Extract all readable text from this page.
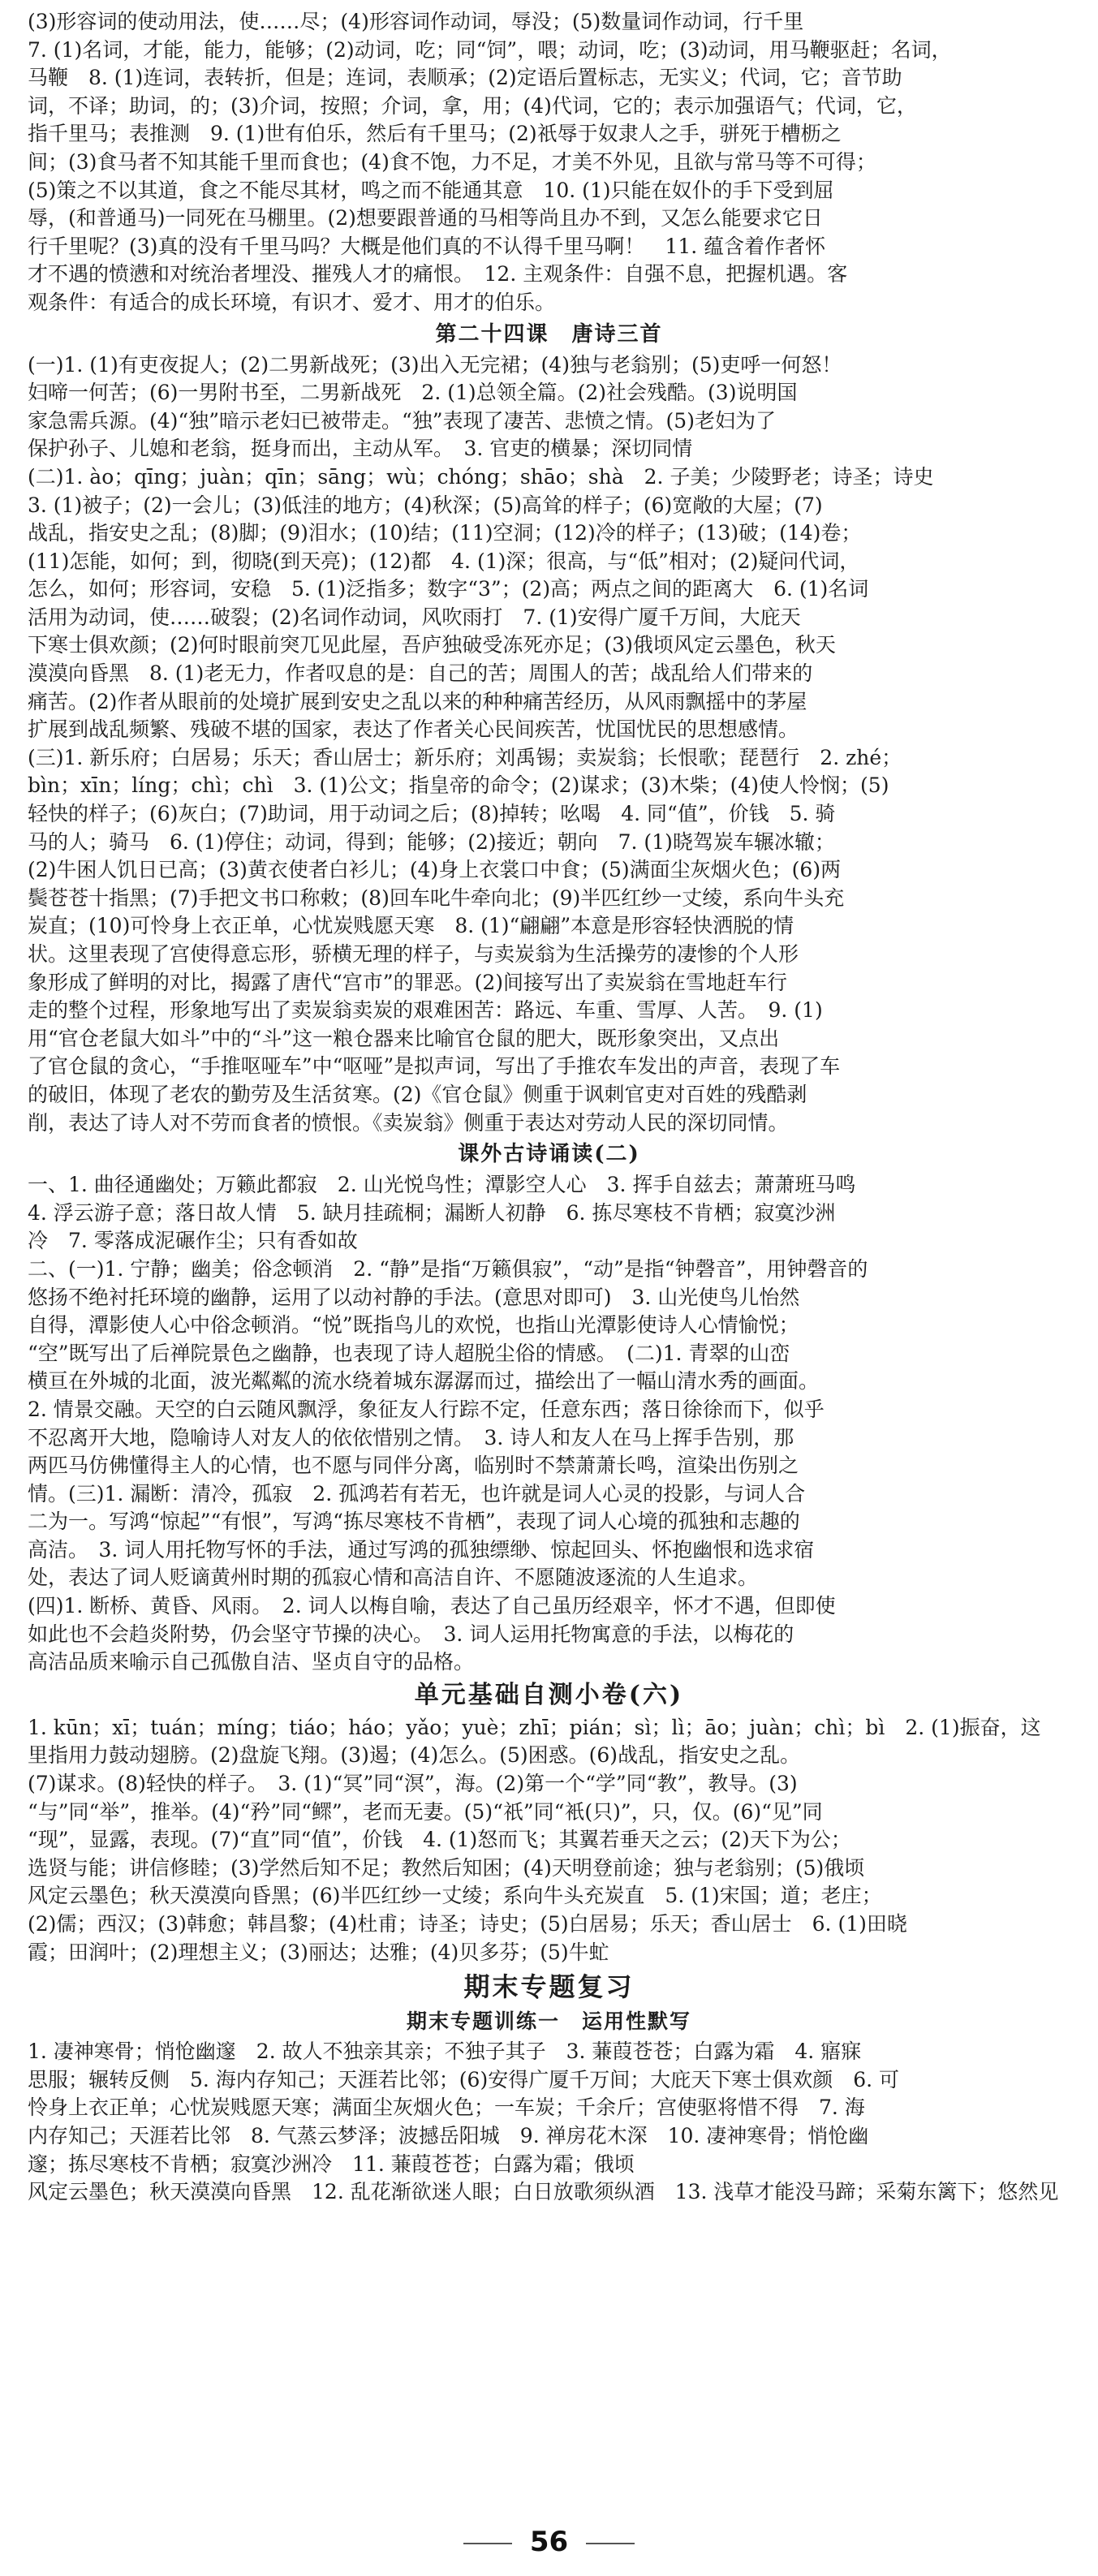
(3)形容词的使动用法，使……尽；(4)形容词作动词，辱没；(5)数量词作动词，行千里
7. (1)名词，才能，能力，能够；(2)动词，吃；同“饲”，喂；动词，吃；(3)动词，用马鞭驱赶；名词，
马鞭　8. (1)连词，表转折，但是；连词，表顺承；(2)定语后置标志，无实义；代词，它；音节助
词，不译；助词，的；(3)介词，按照；介词，拿，用；(4)代词，它的；表示加强语气；代词，它，
指千里马；表推测　9. (1)世有伯乐，然后有千里马；(2)祇辱于奴隶人之手，骈死于槽枥之
间；(3)食马者不知其能千里而食也；(4)食不饱，力不足，才美不外见，且欲与常马等不可得；
(5)策之不以其道，食之不能尽其材，鸣之而不能通其意　10. (1)只能在奴仆的手下受到屈
辱，(和普通马)一同死在马棚里。(2)想要跟普通的马相等尚且办不到，又怎么能要求它日
行千里呢？(3)真的没有千里马吗？大概是他们真的不认得千里马啊！　11. 蕴含着作者怀
才不遇的愤懑和对统治者埋没、摧残人才的痛恨。　12. 主观条件：自强不息，把握机遇。客
观条件：有适合的成长环境，有识才、爱才、用才的伯乐。
第二十四课　唐诗三首
(一)1. (1)有吏夜捉人；(2)二男新战死；(3)出入无完裙；(4)独与老翁别；(5)吏呼一何怒！
妇啼一何苦；(6)一男附书至，二男新战死　2. (1)总领全篇。(2)社会残酷。(3)说明国
家急需兵源。(4)“独”暗示老妇已被带走。“独”表现了凄苦、悲愤之情。(5)老妇为了
保护孙子、儿媳和老翁，挺身而出，主动从军。　3. 官吏的横暴；深切同情
(二)1. ào；qīng；juàn；qīn；sāng；wù；chóng；shāo；shà　2. 子美；少陵野老；诗圣；诗史
3. (1)被子；(2)一会儿；(3)低洼的地方；(4)秋深；(5)高耸的样子；(6)宽敞的大屋；(7)
战乱，指安史之乱；(8)脚；(9)泪水；(10)结；(11)空洞；(12)冷的样子；(13)破；(14)卷；
(11)怎能，如何；到，彻晓(到天亮)；(12)都　4. (1)深；很高，与“低”相对；(2)疑问代词，
怎么，如何；形容词，安稳　5. (1)泛指多；数字“3”；(2)高；两点之间的距离大　6. (1)名词
活用为动词，使……破裂；(2)名词作动词，风吹雨打　7. (1)安得广厦千万间，大庇天
下寒士俱欢颜；(2)何时眼前突兀见此屋，吾庐独破受冻死亦足；(3)俄顷风定云墨色，秋天
漠漠向昏黑　8. (1)老无力，作者叹息的是：自己的苦；周围人的苦；战乱给人们带来的
痛苦。(2)作者从眼前的处境扩展到安史之乱以来的种种痛苦经历，从风雨飘摇中的茅屋
扩展到战乱频繁、残破不堪的国家，表达了作者关心民间疾苦，忧国忧民的思想感情。
(三)1. 新乐府；白居易；乐天；香山居士；新乐府；刘禹锡；卖炭翁；长恨歌；琵琶行　2. zhé；
bìn；xīn；líng；chì；chì　3. (1)公文；指皇帝的命令；(2)谋求；(3)木柴；(4)使人怜悯；(5)
轻快的样子；(6)灰白；(7)助词，用于动词之后；(8)掉转；吆喝　4. 同“值”，价钱　5. 骑
马的人；骑马　6. (1)停住；动词，得到；能够；(2)接近；朝向　7. (1)晓驾炭车辗冰辙；
(2)牛困人饥日已高；(3)黄衣使者白衫儿；(4)身上衣裳口中食；(5)满面尘灰烟火色；(6)两
鬓苍苍十指黑；(7)手把文书口称敕；(8)回车叱牛牵向北；(9)半匹红纱一丈绫，系向牛头充
炭直；(10)可怜身上衣正单，心忧炭贱愿天寒　8. (1)“翩翩”本意是形容轻快洒脱的情
状。这里表现了宫使得意忘形，骄横无理的样子，与卖炭翁为生活操劳的凄惨的个人形
象形成了鲜明的对比，揭露了唐代“宫市”的罪恶。(2)间接写出了卖炭翁在雪地赶车行
走的整个过程，形象地写出了卖炭翁卖炭的艰难困苦：路远、车重、雪厚、人苦。　9. (1)
用“官仓老鼠大如斗”中的“斗”这一粮仓器来比喻官仓鼠的肥大，既形象突出，又点出
了官仓鼠的贪心，“手推呕哑车”中“呕哑”是拟声词，写出了手推农车发出的声音，表现了车
的破旧，体现了老农的勤劳及生活贫寒。(2)《官仓鼠》侧重于讽刺官吏对百姓的残酷剥
削，表达了诗人对不劳而食者的愤恨。《卖炭翁》侧重于表达对劳动人民的深切同情。
课外古诗诵读(二)
一、1. 曲径通幽处；万籁此都寂　2. 山光悦鸟性；潭影空人心　3. 挥手自兹去；萧萧班马鸣
4. 浮云游子意；落日故人情　5. 缺月挂疏桐；漏断人初静　6. 拣尽寒枝不肯栖；寂寞沙洲
冷　7. 零落成泥碾作尘；只有香如故
二、(一)1. 宁静；幽美；俗念顿消　2. “静”是指“万籁俱寂”，“动”是指“钟磬音”，用钟磬音的
悠扬不绝衬托环境的幽静，运用了以动衬静的手法。(意思对即可)　3. 山光使鸟儿怡然
自得，潭影使人心中俗念顿消。“悦”既指鸟儿的欢悦，也指山光潭影使诗人心情愉悦；
“空”既写出了后禅院景色之幽静，也表现了诗人超脱尘俗的情感。　(二)1. 青翠的山峦
横亘在外城的北面，波光粼粼的流水绕着城东潺潺而过，描绘出了一幅山清水秀的画面。
2. 情景交融。天空的白云随风飘浮，象征友人行踪不定，任意东西；落日徐徐而下，似乎
不忍离开大地，隐喻诗人对友人的依依惜别之情。　3. 诗人和友人在马上挥手告别，那
两匹马仿佛懂得主人的心情，也不愿与同伴分离，临别时不禁萧萧长鸣，渲染出伤别之
情。(三)1. 漏断：清冷，孤寂　2. 孤鸿若有若无，也许就是词人心灵的投影，与词人合
二为一。写鸿“惊起”“有恨”，写鸿“拣尽寒枝不肯栖”，表现了词人心境的孤独和志趣的
高洁。　3. 词人用托物写怀的手法，通过写鸿的孤独缥缈、惊起回头、怀抱幽恨和选求宿
处，表达了词人贬谪黄州时期的孤寂心情和高洁自许、不愿随波逐流的人生追求。
(四)1. 断桥、黄昏、风雨。　2. 词人以梅自喻，表达了自己虽历经艰辛，怀才不遇，但即使
如此也不会趋炎附势，仍会坚守节操的决心。　3. 词人运用托物寓意的手法，以梅花的
高洁品质来喻示自己孤傲自洁、坚贞自守的品格。
单元基础自测小卷(六)
1. kūn；xī；tuán；míng；tiáo；háo；yǎo；yuè；zhī；pián；sì；lì；āo；juàn；chì；bì　2. (1)振奋，这
里指用力鼓动翅膀。(2)盘旋飞翔。(3)遏；(4)怎么。(5)困惑。(6)战乱，指安史之乱。
(7)谋求。(8)轻快的样子。　3. (1)“冥”同“溟”，海。(2)第一个“学”同“教”，教导。(3)
“与”同“举”，推举。(4)“矜”同“鳏”，老而无妻。(5)“祇”同“衹(只)”，只，仅。(6)“见”同
“现”，显露，表现。(7)“直”同“值”，价钱　4. (1)怒而飞；其翼若垂天之云；(2)天下为公；
选贤与能；讲信修睦；(3)学然后知不足；教然后知困；(4)天明登前途；独与老翁别；(5)俄顷
风定云墨色；秋天漠漠向昏黑；(6)半匹红纱一丈绫；系向牛头充炭直　5. (1)宋国；道；老庄；
(2)儒；西汉；(3)韩愈；韩昌黎；(4)杜甫；诗圣；诗史；(5)白居易；乐天；香山居士　6. (1)田晓
霞；田润叶；(2)理想主义；(3)丽达；达雅；(4)贝多芬；(5)牛虻
期末专题复习
期末专题训练一　运用性默写
1. 凄神寒骨；悄怆幽邃　2. 故人不独亲其亲；不独子其子　3. 蒹葭苍苍；白露为霜　4. 寤寐
思服；辗转反侧　5. 海内存知己；天涯若比邻；(6)安得广厦千万间；大庇天下寒士俱欢颜　6. 可
怜身上衣正单；心忧炭贱愿天寒；满面尘灰烟火色；一车炭；千余斤；宫使驱将惜不得　7. 海
内存知己；天涯若比邻　8. 气蒸云梦泽；波撼岳阳城　9. 禅房花木深　10. 凄神寒骨；悄怆幽
邃；拣尽寒枝不肯栖；寂寞沙洲冷　11. 蒹葭苍苍；白露为霜；俄顷
风定云墨色；秋天漠漠向昏黑　12. 乱花渐欲迷人眼；白日放歌须纵酒　13. 浅草才能没马蹄；采菊东篱下；悠然见
56
